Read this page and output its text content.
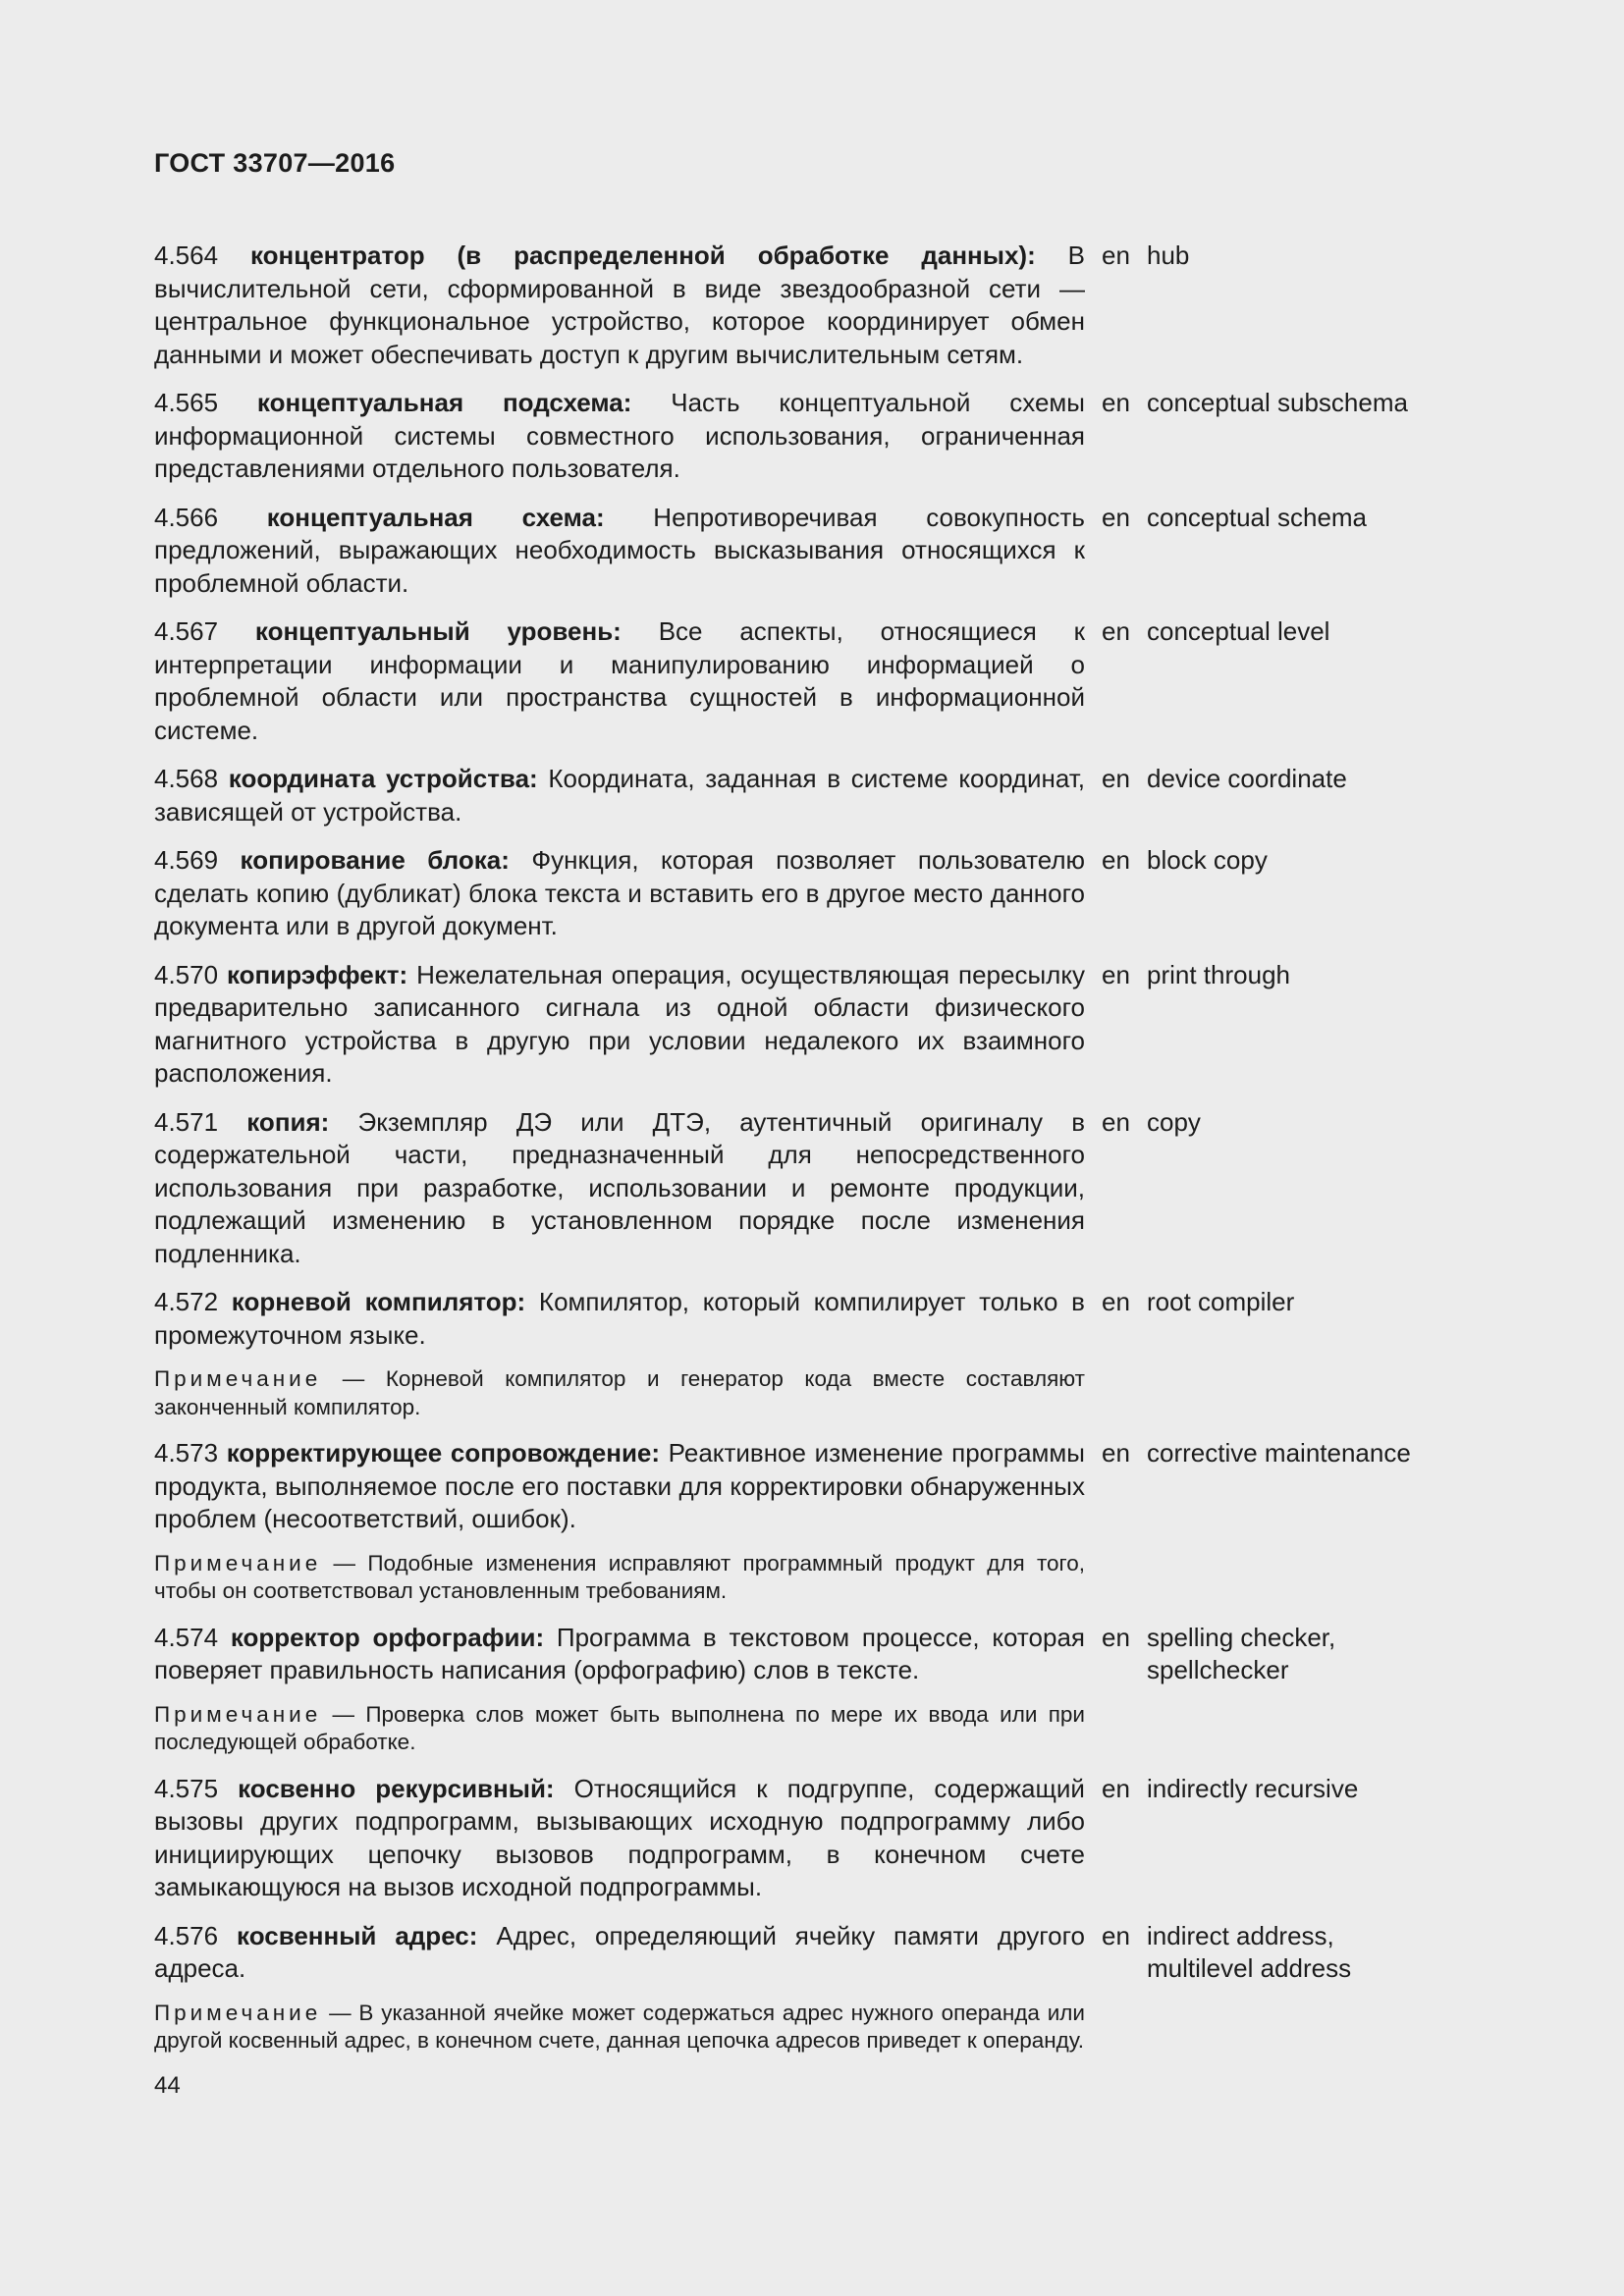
ГОСТ 33707—2016
4.564 концентратор (в распределенной обработке данных): В вычислительной сети, сформированной в виде звездообразной сети — центральное функциональное устройство, которое координирует обмен данными и может обеспечивать доступ к другим вычислительным сетям.
en hub
4.565 концептуальная подсхема: Часть концептуальной схемы информационной системы совместного использования, ограниченная представлениями отдельного пользователя.
en conceptual subschema
4.566 концептуальная схема: Непротиворечивая совокупность предложений, выражающих необходимость высказывания относящихся к проблемной области.
en conceptual schema
4.567 концептуальный уровень: Все аспекты, относящиеся к интерпретации информации и манипулированию информацией о проблемной области или пространства сущностей в информационной системе.
en conceptual level
4.568 координата устройства: Координата, заданная в системе координат, зависящей от устройства.
en device coordinate
4.569 копирование блока: Функция, которая позволяет пользователю сделать копию (дубликат) блока текста и вставить его в другое место данного документа или в другой документ.
en block copy
4.570 копирэффект: Нежелательная операция, осуществляющая пересылку предварительно записанного сигнала из одной области физического магнитного устройства в другую при условии недалекого их взаимного расположения.
en print through
4.571 копия: Экземпляр ДЭ или ДТЭ, аутентичный оригиналу в содержательной части, предназначенный для непосредственного использования при разработке, использовании и ремонте продукции, подлежащий изменению в установленном порядке после изменения подленника.
en copy
4.572 корневой компилятор: Компилятор, который компилирует только в промежуточном языке.
Примечание — Корневой компилятор и генератор кода вместе составляют законченный компилятор.
en root compiler
4.573 корректирующее сопровождение: Реактивное изменение программы продукта, выполняемое после его поставки для корректировки обнаруженных проблем (несоответствий, ошибок).
Примечание — Подобные изменения исправляют программный продукт для того, чтобы он соответствовал установленным требованиям.
en corrective maintenance
4.574 корректор орфографии: Программа в текстовом процессе, которая поверяет правильность написания (орфографию) слов в тексте.
Примечание — Проверка слов может быть выполнена по мере их ввода или при последующей обработке.
en spelling checker,
spellchecker
4.575 косвенно рекурсивный: Относящийся к подгруппе, содержащий вызовы других подпрограмм, вызывающих исходную подпрограмму либо инициирующих цепочку вызовов подпрограмм, в конечном счете замыкающуюся на вызов исходной подпрограммы.
en indirectly recursive
4.576 косвенный адрес: Адрес, определяющий ячейку памяти другого адреса.
Примечание — В указанной ячейке может содержаться адрес нужного операнда или другой косвенный адрес, в конечном счете, данная цепочка адресов приведет к операнду.
en indirect address,
multilevel address
44
